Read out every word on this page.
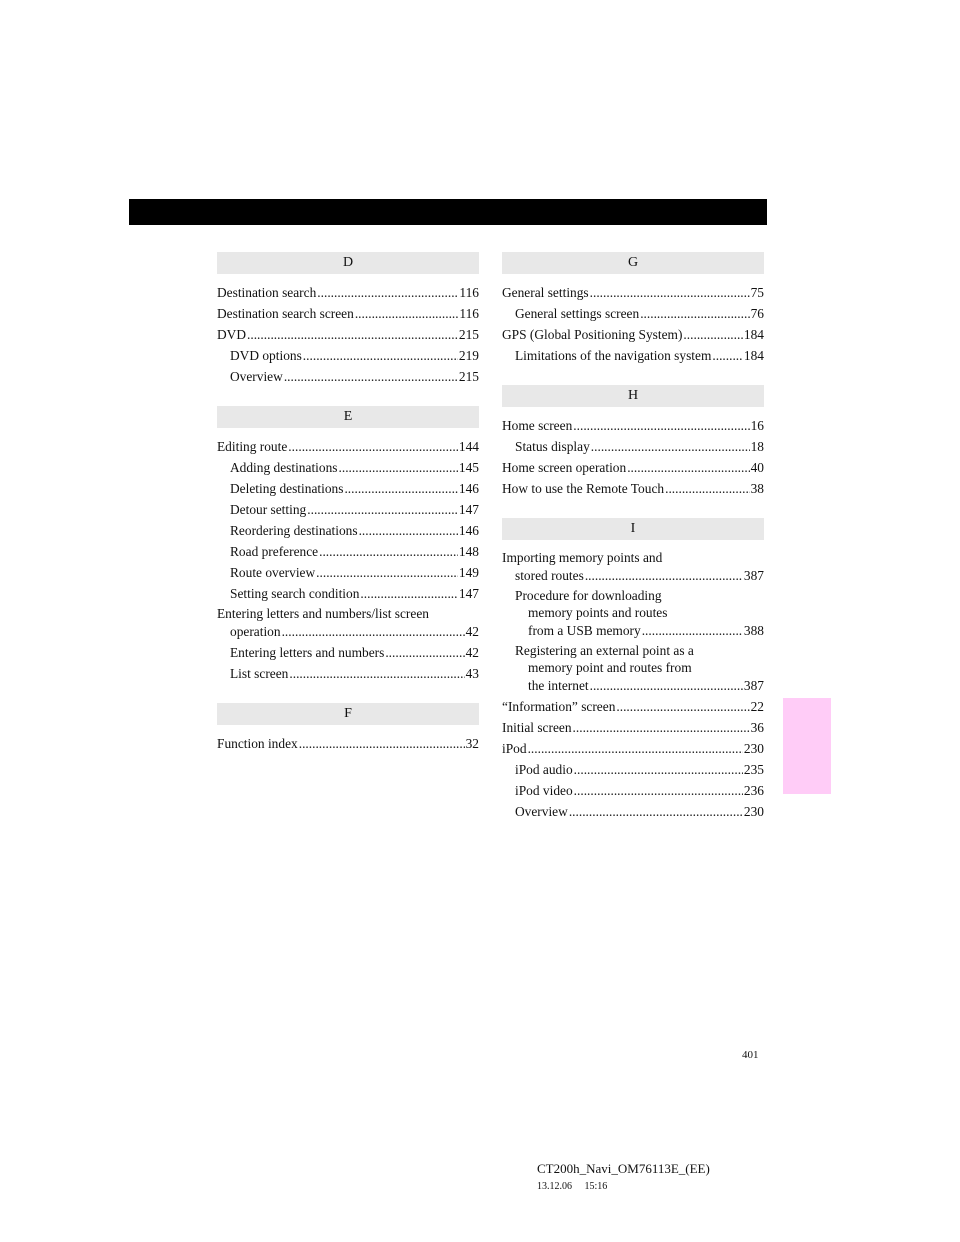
D
Destination search .....	116
Destination search screen .....	116
DVD .....	215
DVD options .....	219
Overview .....	215
E
Editing route .....	144
Adding destinations .....	145
Deleting destinations .....	146
Detour setting .....	147
Reordering destinations .....	146
Road preference .....	148
Route overview .....	149
Setting search condition .....	147
Entering letters and numbers/list screen
operation .....	42
Entering letters and numbers .....	42
List screen .....	43
F
Function index .....	32
G
General settings .....	75
General settings screen .....	76
GPS (Global Positioning System) .....	184
Limitations of the navigation system ..... 184
H
Home screen .....	16
Status display .....	18
Home screen operation .....	40
How to use the Remote Touch .....	38
I
Importing memory points and
stored routes .....	387
Procedure for downloading
memory points and routes
from a USB memory .....	388
Registering an external point as a
memory point and routes from
the internet .....	387
“Information” screen .....	22
Initial screen .....	36
iPod .....	230
iPod audio .....	235
iPod video .....	236
Overview .....	230
401
CT200h_Navi_OM76113E_(EE)
13.12.06     15:16
